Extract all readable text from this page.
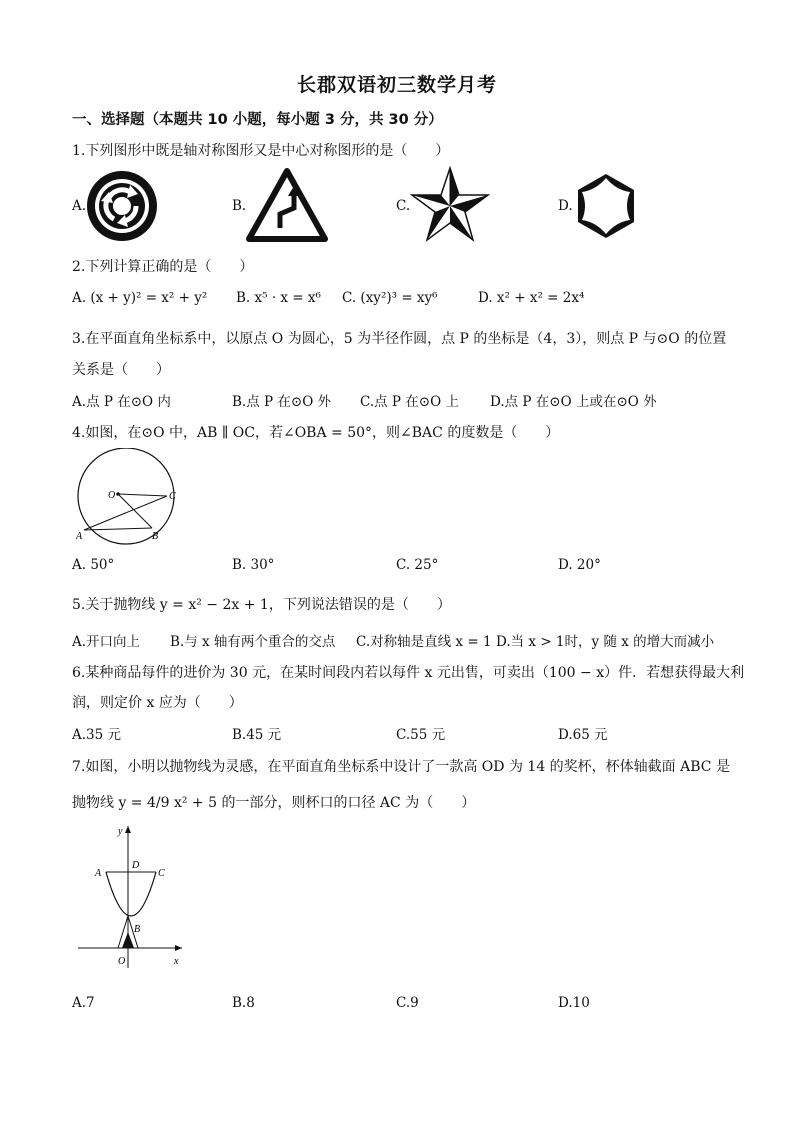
长郡双语初三数学月考
一、选择题（本题共 10 小题，每小题 3 分，共 30 分）
1.下列图形中既是轴对称图形又是中心对称图形的是（　　）
A.	B.	C.	D.
2.下列计算正确的是（　　）
A. (x + y)² = x² + y² B. x⁵ · x = x⁶ C. (xy²)³ = xy⁶	D. x² + x² = 2x⁴
3.在平面直角坐标系中，以原点 O 为圆心，5 为半径作圆，点 P 的坐标是（4，3），则点 P 与⊙O 的位置
关系是（　　）
A.点 P 在⊙O 内	B.点 P 在⊙O 外 C.点 P 在⊙O 上 D.点 P 在⊙O 上或在⊙O 外
4.如图，在⊙O 中，AB ∥ OC，若∠OBA = 50°，则∠BAC 的度数是（　　）
O	C
A	B
A. 50°	B. 30°	C. 25°	D. 20°
5.关于抛物线 y = x² − 2x + 1，下列说法错误的是（　　）
A.开口向上 B.与 x 轴有两个重合的交点 C.对称轴是直线 x = 1 D.当 x > 1时，y 随 x 的增大而减小
6.某种商品每件的进价为 30 元，在某时间段内若以每件 x 元出售，可卖出（100 − x）件．若想获得最大利
润，则定价 x 应为（　　）
A.35 元	B.45 元	C.55 元	D.65 元
7.如图，小明以抛物线为灵感，在平面直角坐标系中设计了一款高 OD 为 14 的奖杯，杯体轴截面 ABC 是
抛物线 y = 4/9 x² + 5 的一部分，则杯口的口径 AC 为（　　）
y
x
O
A	C
D
B
A.7	B.8	C.9	D.10
